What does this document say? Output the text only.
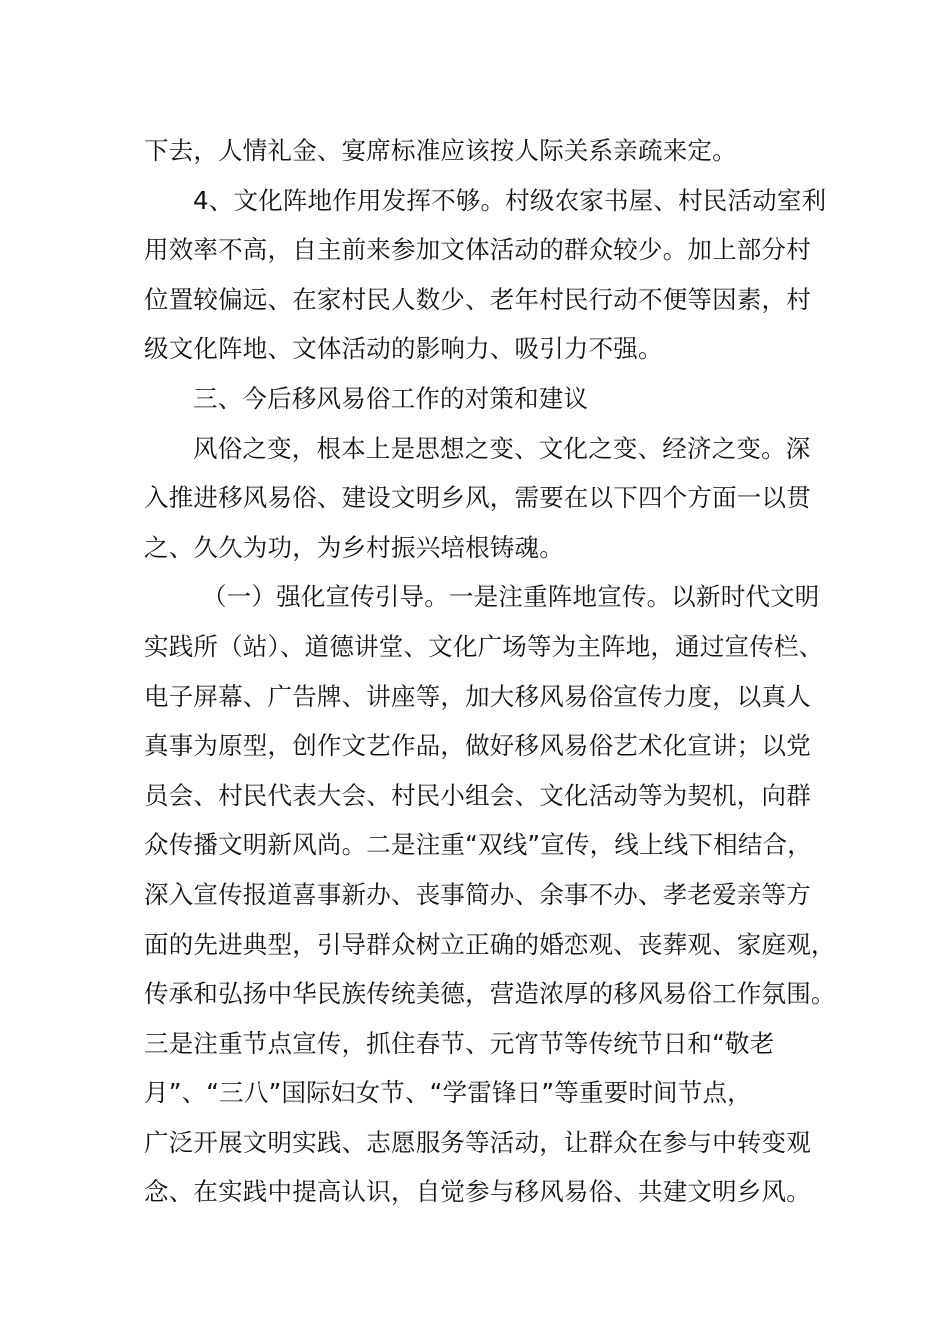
下去，人情礼金、宴席标准应该按人际关系亲疏来定。
4、文化阵地作用发挥不够。村级农家书屋、村民活动室利
用效率不高，自主前来参加文体活动的群众较少。加上部分村
位置较偏远、在家村民人数少、老年村民行动不便等因素，村
级文化阵地、文体活动的影响力、吸引力不强。
三、今后移风易俗工作的对策和建议
风俗之变，根本上是思想之变、文化之变、经济之变。深
入推进移风易俗、建设文明乡风，需要在以下四个方面一以贯
之、久久为功，为乡村振兴培根铸魂。
（一）强化宣传引导。一是注重阵地宣传。以新时代文明
实践所（站）、道德讲堂、文化广场等为主阵地，通过宣传栏、
电子屏幕、广告牌、讲座等，加大移风易俗宣传力度，以真人
真事为原型，创作文艺作品，做好移风易俗艺术化宣讲；以党
员会、村民代表大会、村民小组会、文化活动等为契机，向群
众传播文明新风尚。二是注重“双线”宣传，线上线下相结合，
深入宣传报道喜事新办、丧事简办、余事不办、孝老爱亲等方
面的先进典型，引导群众树立正确的婚恋观、丧葬观、家庭观，
传承和弘扬中华民族传统美德，营造浓厚的移风易俗工作氛围。
三是注重节点宣传，抓住春节、元宵节等传统节日和“敬老
月”、“三八”国际妇女节、“学雷锋日”等重要时间节点，
广泛开展文明实践、志愿服务等活动，让群众在参与中转变观
念、在实践中提高认识，自觉参与移风易俗、共建文明乡风。
